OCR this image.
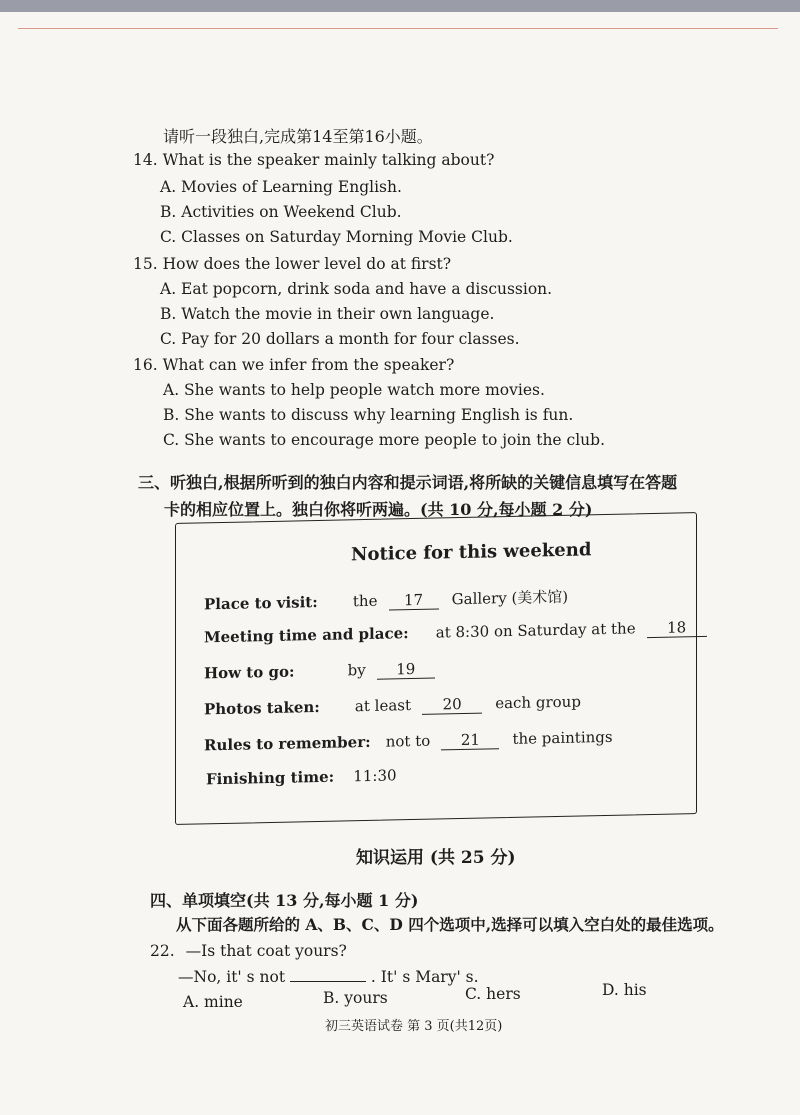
请听一段独白,完成第14至第16小题。
14. What is the speaker mainly talking about?
A. Movies of Learning English.
B. Activities on Weekend Club.
C. Classes on Saturday Morning Movie Club.
15. How does the lower level do at first?
A. Eat popcorn, drink soda and have a discussion.
B. Watch the movie in their own language.
C. Pay for 20 dollars a month for four classes.
16. What can we infer from the speaker?
A. She wants to help people watch more movies.
B. She wants to discuss why learning English is fun.
C. She wants to encourage more people to join the club.
三、听独白,根据所听到的独白内容和提示词语,将所缺的关键信息填写在答题
卡的相应位置上。独白你将听两遍。(共 10 分,每小题 2 分)
Notice for this weekend
Place to visit: the 17 Gallery (美术馆)
Meeting time and place: at 8:30 on Saturday at the 18
How to go:	by 19
Photos taken: at least 20 each group
Rules to remember: not to 21 the paintings
Finishing time: 11:30
知识运用 (共 25 分)
四、单项填空(共 13 分,每小题 1 分)
从下面各题所给的 A、B、C、D 四个选项中,选择可以填入空白处的最佳选项。
22. —Is that coat yours?
—No, it' s not	. It' s Mary' s.
A. mine	B. yours	C. hers	D. his
初三英语试卷 第 3 页(共12页)
